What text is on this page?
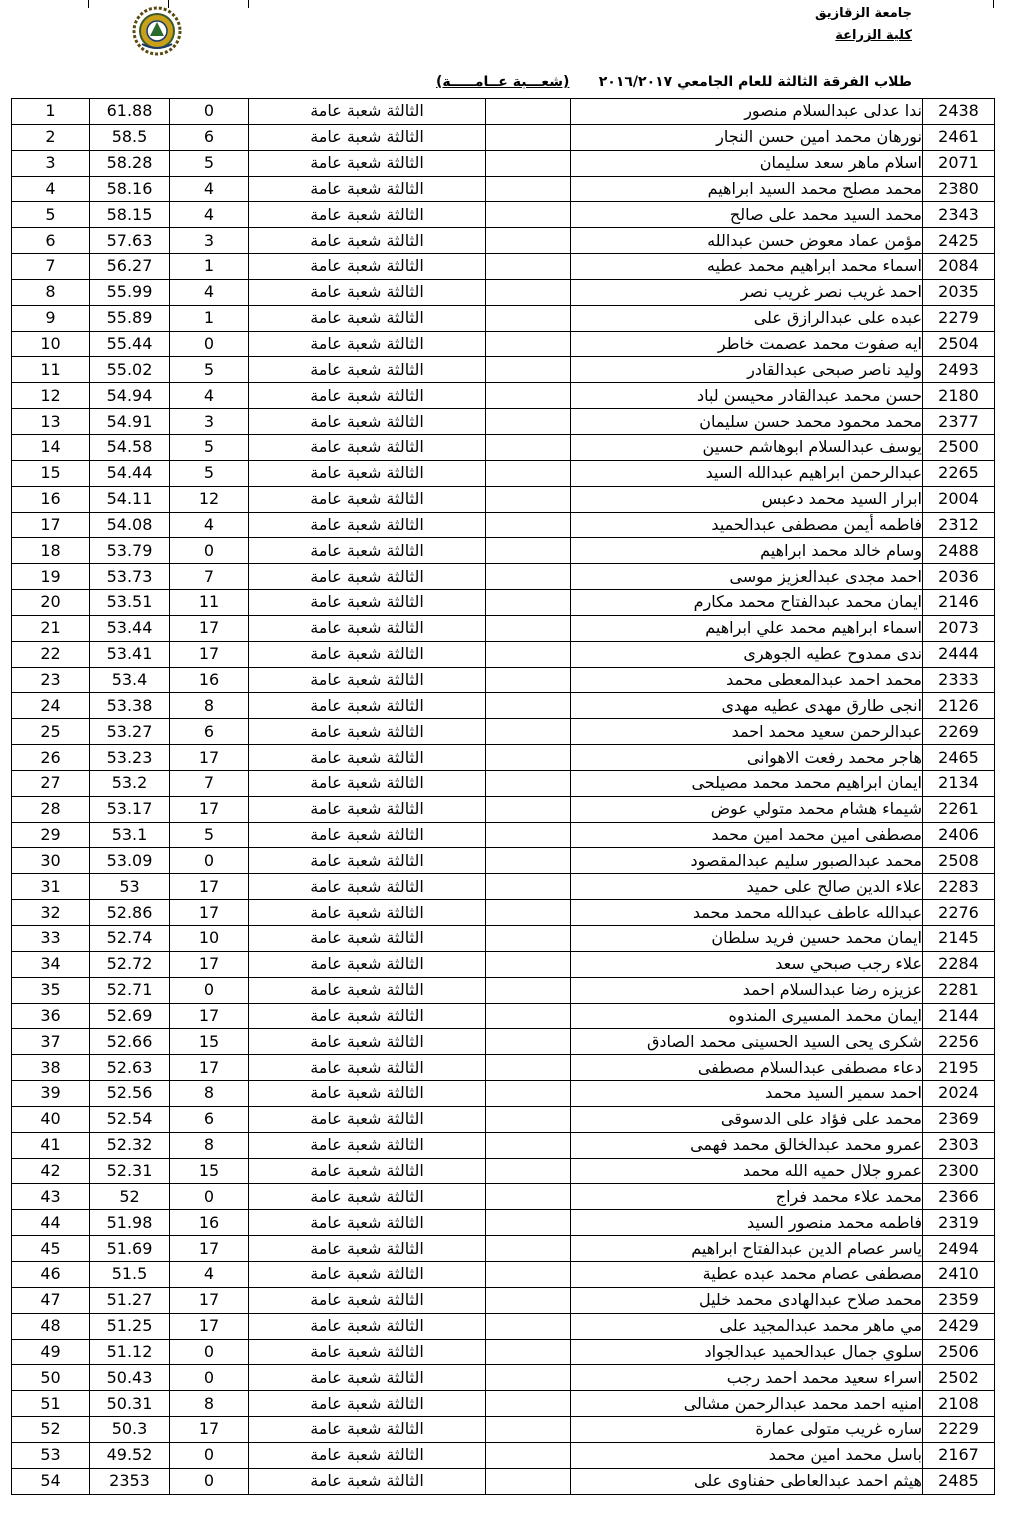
جامعة الزقازيق
كلية الزراعة
طلاب الفرقة الثالثة للعام الجامعي ٢٠١٦/٢٠١٧
(شعـــبة عــامـــــة)
1	61.88	0	الثالثة شعبة عامة		ندا عدلى عبدالسلام منصور	2438
2	58.5	6	الثالثة شعبة عامة		نورهان محمد امين حسن النجار	2461
3	58.28	5	الثالثة شعبة عامة		اسلام ماهر سعد سليمان	2071
4	58.16	4	الثالثة شعبة عامة		محمد مصلح محمد السيد ابراهيم	2380
5	58.15	4	الثالثة شعبة عامة		محمد السيد محمد على صالح	2343
6	57.63	3	الثالثة شعبة عامة		مؤمن عماد معوض حسن عبدالله	2425
7	56.27	1	الثالثة شعبة عامة		اسماء محمد ابراهيم محمد عطيه	2084
8	55.99	4	الثالثة شعبة عامة		احمد غريب نصر غريب نصر	2035
9	55.89	1	الثالثة شعبة عامة		عبده على عبدالرازق على	2279
10	55.44	0	الثالثة شعبة عامة		ايه صفوت محمد عصمت خاطر	2504
11	55.02	5	الثالثة شعبة عامة		وليد ناصر صبحى عبدالقادر	2493
12	54.94	4	الثالثة شعبة عامة		حسن محمد عبدالقادر محيسن لباد	2180
13	54.91	3	الثالثة شعبة عامة		محمد محمود محمد حسن سليمان	2377
14	54.58	5	الثالثة شعبة عامة		يوسف عبدالسلام ابوهاشم حسين	2500
15	54.44	5	الثالثة شعبة عامة		عبدالرحمن ابراهيم عبدالله السيد	2265
16	54.11	12	الثالثة شعبة عامة		ابرار السيد محمد دعبس	2004
17	54.08	4	الثالثة شعبة عامة		فاطمه أيمن مصطفى عبدالحميد	2312
18	53.79	0	الثالثة شعبة عامة		وسام خالد محمد ابراهيم	2488
19	53.73	7	الثالثة شعبة عامة		احمد مجدى عبدالعزيز موسى	2036
20	53.51	11	الثالثة شعبة عامة		ايمان محمد عبدالفتاح محمد مكارم	2146
21	53.44	17	الثالثة شعبة عامة		اسماء ابراهيم محمد علي ابراهيم	2073
22	53.41	17	الثالثة شعبة عامة		ندى ممدوح عطيه الجوهرى	2444
23	53.4	16	الثالثة شعبة عامة		محمد احمد عبدالمعطى محمد	2333
24	53.38	8	الثالثة شعبة عامة		انجى طارق مهدى عطيه مهدى	2126
25	53.27	6	الثالثة شعبة عامة		عبدالرحمن سعيد محمد احمد	2269
26	53.23	17	الثالثة شعبة عامة		هاجر محمد رفعت الاهوانى	2465
27	53.2	7	الثالثة شعبة عامة		ايمان ابراهيم محمد محمد مصيلحى	2134
28	53.17	17	الثالثة شعبة عامة		شيماء هشام محمد متولي عوض	2261
29	53.1	5	الثالثة شعبة عامة		مصطفى امين محمد امين محمد	2406
30	53.09	0	الثالثة شعبة عامة		محمد عبدالصبور سليم عبدالمقصود	2508
31	53	17	الثالثة شعبة عامة		علاء الدين صالح على حميد	2283
32	52.86	17	الثالثة شعبة عامة		عبدالله عاطف عبدالله محمد محمد	2276
33	52.74	10	الثالثة شعبة عامة		ايمان محمد حسين فريد سلطان	2145
34	52.72	17	الثالثة شعبة عامة		علاء رجب صبحي سعد	2284
35	52.71	0	الثالثة شعبة عامة		عزيزه رضا عبدالسلام احمد	2281
36	52.69	17	الثالثة شعبة عامة		ايمان محمد المسيرى المندوه	2144
37	52.66	15	الثالثة شعبة عامة		شكرى يحى السيد الحسينى محمد الصادق	2256
38	52.63	17	الثالثة شعبة عامة		دعاء مصطفى عبدالسلام مصطفى	2195
39	52.56	8	الثالثة شعبة عامة		احمد سمير السيد محمد	2024
40	52.54	6	الثالثة شعبة عامة		محمد على فؤاد على الدسوقى	2369
41	52.32	8	الثالثة شعبة عامة		عمرو محمد عبدالخالق محمد فهمى	2303
42	52.31	15	الثالثة شعبة عامة		عمرو جلال حميه الله محمد	2300
43	52	0	الثالثة شعبة عامة		محمد علاء محمد فراج	2366
44	51.98	16	الثالثة شعبة عامة		فاطمه محمد منصور السيد	2319
45	51.69	17	الثالثة شعبة عامة		ياسر عصام الدين عبدالفتاح ابراهيم	2494
46	51.5	4	الثالثة شعبة عامة		مصطفى عصام محمد عبده عطية	2410
47	51.27	17	الثالثة شعبة عامة		محمد صلاح عبدالهادى محمد خليل	2359
48	51.25	17	الثالثة شعبة عامة		مي ماهر محمد عبدالمجيد على	2429
49	51.12	0	الثالثة شعبة عامة		سلوي جمال عبدالحميد عبدالجواد	2506
50	50.43	0	الثالثة شعبة عامة		اسراء سعيد محمد احمد رجب	2502
51	50.31	8	الثالثة شعبة عامة		امنيه احمد محمد عبدالرحمن مشالى	2108
52	50.3	17	الثالثة شعبة عامة		ساره غريب متولى عمارة	2229
53	49.52	0	الثالثة شعبة عامة		باسل محمد امين محمد	2167
54	2353	0	الثالثة شعبة عامة		هيثم احمد عبدالعاطى حفناوى على	2485
